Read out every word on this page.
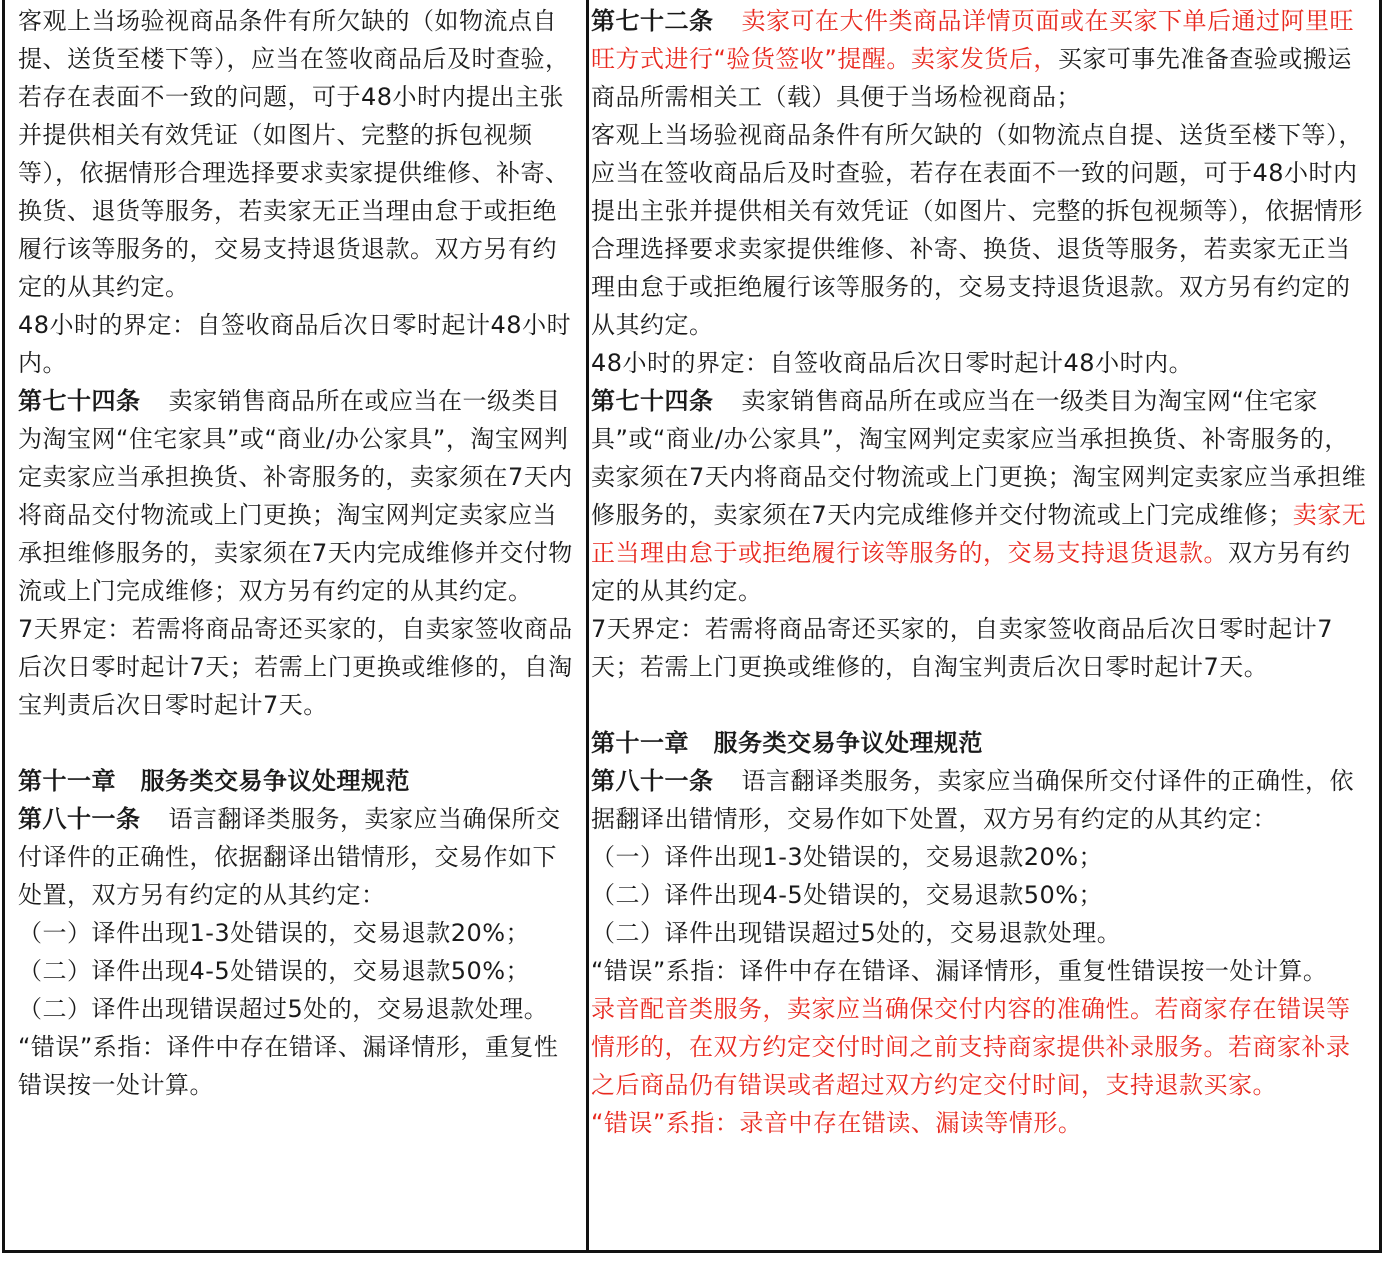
客观上当场验视商品条件有所欠缺的（如物流点自提、送货至楼下等），应当在签收商品后及时查验，若存在表面不一致的问题，可于48小时内提出主张并提供相关有效凭证（如图片、完整的拆包视频等），依据情形合理选择要求卖家提供维修、补寄、换货、退货等服务，若卖家无正当理由怠于或拒绝履行该等服务的，交易支持退货退款。双方另有约定的从其约定。

48小时的界定：自签收商品后次日零时起计48小时内。

第七十四条 卖家销售商品所在或应当在一级类目为淘宝网“住宅家具”或“商业/办公家具”，淘宝网判定卖家应当承担换货、补寄服务的，卖家须在7天内将商品交付物流或上门更换；淘宝网判定卖家应当承担维修服务的，卖家须在7天内完成维修并交付物流或上门完成维修；双方另有约定的从其约定。

7天界定：若需将商品寄还买家的，自卖家签收商品后次日零时起计7天；若需上门更换或维修的，自淘宝判责后次日零时起计7天。

第十一章　服务类交易争议处理规范

第八十一条 语言翻译类服务，卖家应当确保所交付译件的正确性，依据翻译出错情形，交易作如下处置，双方另有约定的从其约定：

（一）译件出现1-3处错误的，交易退款20%；

（二）译件出现4-5处错误的，交易退款50%；

（二）译件出现错误超过5处的，交易退款处理。

“错误”系指：译件中存在错译、漏译情形，重复性错误按一处计算。

第七十二条 卖家可在大件类商品详情页面或在买家下单后通过阿里旺旺方式进行“验货签收”提醒。卖家发货后，买家可事先准备查验或搬运商品所需相关工（载）具便于当场检视商品；

客观上当场验视商品条件有所欠缺的（如物流点自提、送货至楼下等），应当在签收商品后及时查验，若存在表面不一致的问题，可于48小时内提出主张并提供相关有效凭证（如图片、完整的拆包视频等），依据情形合理选择要求卖家提供维修、补寄、换货、退货等服务，若卖家无正当理由怠于或拒绝履行该等服务的，交易支持退货退款。双方另有约定的从其约定。

48小时的界定：自签收商品后次日零时起计48小时内。

第七十四条 卖家销售商品所在或应当在一级类目为淘宝网“住宅家具”或“商业/办公家具”，淘宝网判定卖家应当承担换货、补寄服务的，卖家须在7天内将商品交付物流或上门更换；淘宝网判定卖家应当承担维修服务的，卖家须在7天内完成维修并交付物流或上门完成维修；卖家无正当理由怠于或拒绝履行该等服务的，交易支持退货退款。双方另有约定的从其约定。

7天界定：若需将商品寄还买家的，自卖家签收商品后次日零时起计7天；若需上门更换或维修的，自淘宝判责后次日零时起计7天。

第十一章　服务类交易争议处理规范

第八十一条 语言翻译类服务，卖家应当确保所交付译件的正确性，依据翻译出错情形，交易作如下处置，双方另有约定的从其约定：

（一）译件出现1-3处错误的，交易退款20%；

（二）译件出现4-5处错误的，交易退款50%；

（二）译件出现错误超过5处的，交易退款处理。

“错误”系指：译件中存在错译、漏译情形，重复性错误按一处计算。

录音配音类服务，卖家应当确保交付内容的准确性。若商家存在错误等情形的，在双方约定交付时间之前支持商家提供补录服务。若商家补录之后商品仍有错误或者超过双方约定交付时间，支持退款买家。

“错误”系指：录音中存在错读、漏读等情形。
